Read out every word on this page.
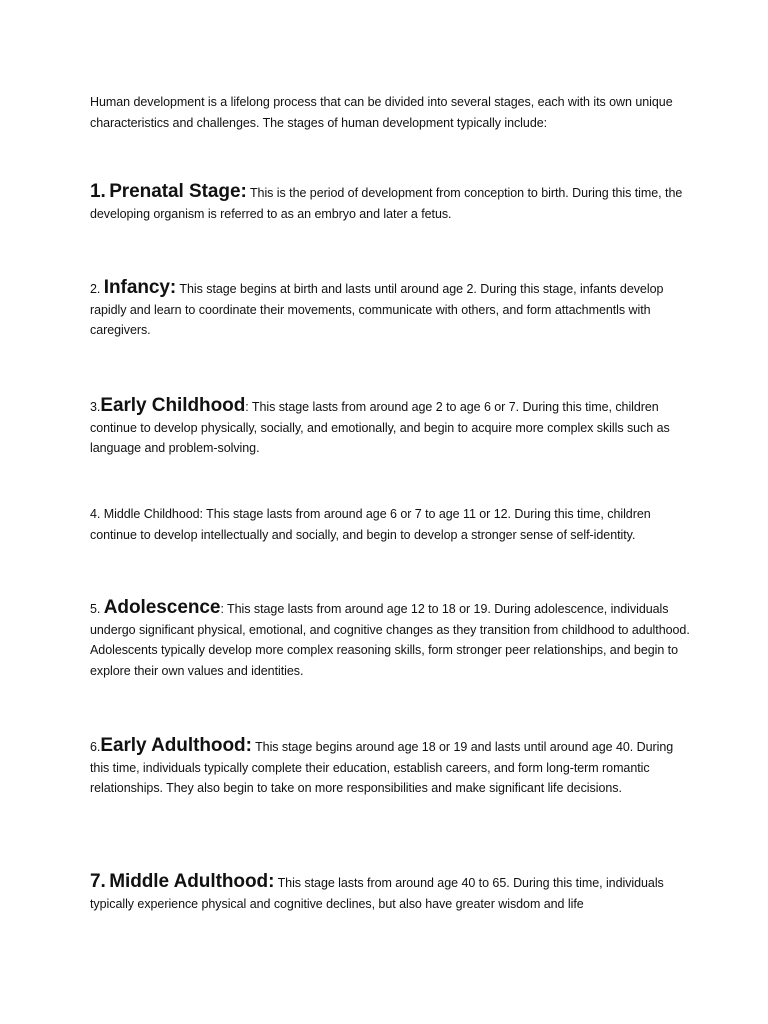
Human development is a lifelong process that can be divided into several stages, each with its own unique characteristics and challenges. The stages of human development typically include:

1. Prenatal Stage: This is the period of development from conception to birth. During this time, the developing organism is referred to as an embryo and later a fetus.

2. Infancy: This stage begins at birth and lasts until around age 2. During this stage, infants develop rapidly and learn to coordinate their movements, communicate with others, and form attachmentls with caregivers.

3.Early Childhood: This stage lasts from around age 2 to age 6 or 7. During this time, children continue to develop physically, socially, and emotionally, and begin to acquire more complex skills such as language and problem-solving.

4. Middle Childhood: This stage lasts from around age 6 or 7 to age 11 or 12. During this time, children continue to develop intellectually and socially, and begin to develop a stronger sense of self-identity.

5. Adolescence: This stage lasts from around age 12 to 18 or 19. During adolescence, individuals undergo significant physical, emotional, and cognitive changes as they transition from childhood to adulthood. Adolescents typically develop more complex reasoning skills, form stronger peer relationships, and begin to explore their own values and identities.

6.Early Adulthood: This stage begins around age 18 or 19 and lasts until around age 40. During this time, individuals typically complete their education, establish careers, and form long-term romantic relationships. They also begin to take on more responsibilities and make significant life decisions.

7. Middle Adulthood: This stage lasts from around age 40 to 65. During this time, individuals typically experience physical and cognitive declines, but also have greater wisdom and life
